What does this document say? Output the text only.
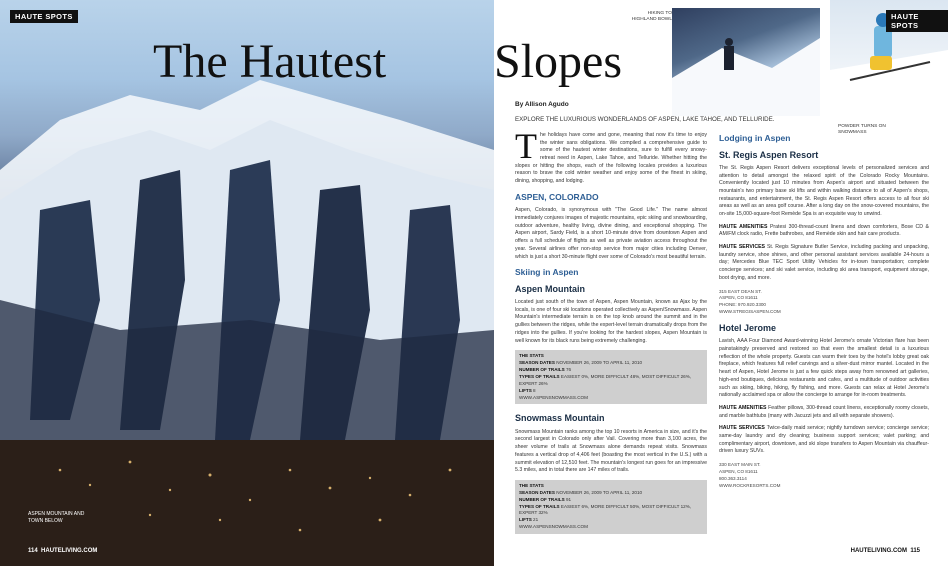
HAUTE SPOTS
ASPEN MOUNTAIN AND TOWN BELOW
114 HAUTELIVING.COM
HIKING TO HIGHLAND BOWL	HAUTE SPOTS
POWDER TURNS ON SNOWMASS
By Allison Agudo
EXPLORE THE LUXURIOUS WONDERLANDS OF ASPEN, LAKE TAHOE, AND TELLURIDE.

The holidays have come and gone, meaning that now it's time to enjoy the winter sans obligations. We compiled a comprehensive guide to some of the hautest winter destinations, sure to fulfill every snowy-retreat need in Aspen, Lake Tahoe, and Telluride. Whether hitting the slopes or hitting the shops, each of the following locales provides a luxurious reason to brave the cold winter weather and enjoy some of the finest in skiing, dining, shopping, and lodging.

ASPEN, COLORADO

Aspen, Colorado, is synonymous with "The Good Life." The name almost immediately conjures images of majestic mountains, epic skiing and snowboarding, outdoor adventure, healthy living, divine dining, and exceptional shopping. The Aspen airport, Sardy Field, is a short 10-minute drive from downtown Aspen and offers a full schedule of flights as well as private aviation access throughout the year. Several airlines offer non-stop service from major cities including Denver, which is just a short 30-minute flight over some of Colorado's most beautiful terrain.

Skiing in Aspen
Aspen Mountain

Located just south of the town of Aspen, Aspen Mountain, known as Ajax by the locals, is one of four ski locations operated collectively as Aspen/Snowmass. Aspen Mountain's intermediate terrain is on the top knob around the summit and in the gullies between the ridges, while the expert-level terrain dramatically drops from the ridges into the gullies. If you're looking for the hardest slopes, Aspen Mountain is well known for its black runs being extremely challenging.

THE STATS
SEASON DATES NOVEMBER 26, 2009 TO APRIL 11, 2010
NUMBER OF TRAILS 76
TYPES OF TRAILS EASIEST 0%, MORE DIFFICULT 48%, MOST DIFFICULT 26%, EXPERT 26%
LIFTS 8
WWW.ASPENSNOWMASS.COM
Snowmass Mountain

Snowmass Mountain ranks among the top 10 resorts in America in size, and it's the second largest in Colorado only after Vail. Covering more than 3,100 acres, the sheer volume of trails at Snowmass alone demands repeat visits. Snowmass features a vertical drop of 4,406 feet (boasting the most vertical in the U.S.) with a summit elevation of 12,510 feet. The mountain's longest run goes for an impressive 5.3 miles, and in total there are 147 miles of trails.

THE STATS
SEASON DATES NOVEMBER 26, 2009 TO APRIL 11, 2010
NUMBER OF TRAILS 91
TYPES OF TRAILS EASIEST 6%, MORE DIFFICULT 50%, MOST DIFFICULT 12%, EXPERT 32%
LIFTS 21
WWW.ASPENSNOWMASS.COM
Lodging in Aspen
St. Regis Aspen Resort

The St. Regis Aspen Resort delivers exceptional levels of personalized services and attention to detail amongst the relaxed spirit of the Colorado Rocky Mountains. Conveniently located just 10 minutes from Aspen's airport and situated between the mountain's two primary base ski lifts and within walking distance to all of Aspen's shops, restaurants, and entertainment, the St. Regis Aspen Resort offers access to all four ski areas as well as an area golf course. After a long day on the snow-covered mountains, the on-site 15,000-square-foot Remède Spa is an exquisite way to unwind.

HAUTE AMENITIES Pratesi 300-thread-count linens and down comforters, Bose CD & AM/FM clock radio, Frette bathrobes, and Remède skin and hair care products.

HAUTE SERVICES St. Regis Signature Butler Service, including packing and unpacking, laundry service, shoe shines, and other personal assistant services available 24-hours a day; Mercedes Blue TEC Sport Utility Vehicles for in-town transportation; complete concierge services; and ski valet service, including ski area transport, equipment storage, boot drying, and more.

315 EAST DEAN ST.
ASPEN, CO 81611
PHONE: 970.920.3300
WWW.STREGISASPEN.COM
Hotel Jerome

Lavish, AAA Four Diamond Award-winning Hotel Jerome's ornate Victorian flare has been painstakingly preserved and restored so that even the smallest detail is a luxurious reflection of the whole property. Guests can warm their toes by the hotel's lobby great oak fireplace, which features full relief carvings and a silver-dust mirror mantel. Located in the heart of Aspen, Hotel Jerome is just a few quick steps away from renowned art galleries, high-end boutiques, delicious restaurants and cafes, and a multitude of outdoor activities such as skiing, biking, hiking, fly fishing, and more. Guests can relax at Hotel Jerome's nationally acclaimed spa or allow the concierge to arrange for in-room treatments.

HAUTE AMENITIES Feather pillows, 300-thread count linens, exceptionally roomy closets, and marble bathtubs (many with Jacuzzi jets and all with separate showers).

HAUTE SERVICES Twice-daily maid service; nightly turndown service; concierge service; same-day laundry and dry cleaning; business support services; valet parking; and complimentary airport, downtown, and ski slope transfers to Aspen Mountain via chauffeur-driven luxury SUVs.

330 EAST MAIN ST.
ASPEN, CO 81611
800.363.3114
WWW.ROCKRESORTS.COM
HAUTELIVING.COM 115
The Hautest Slopes
